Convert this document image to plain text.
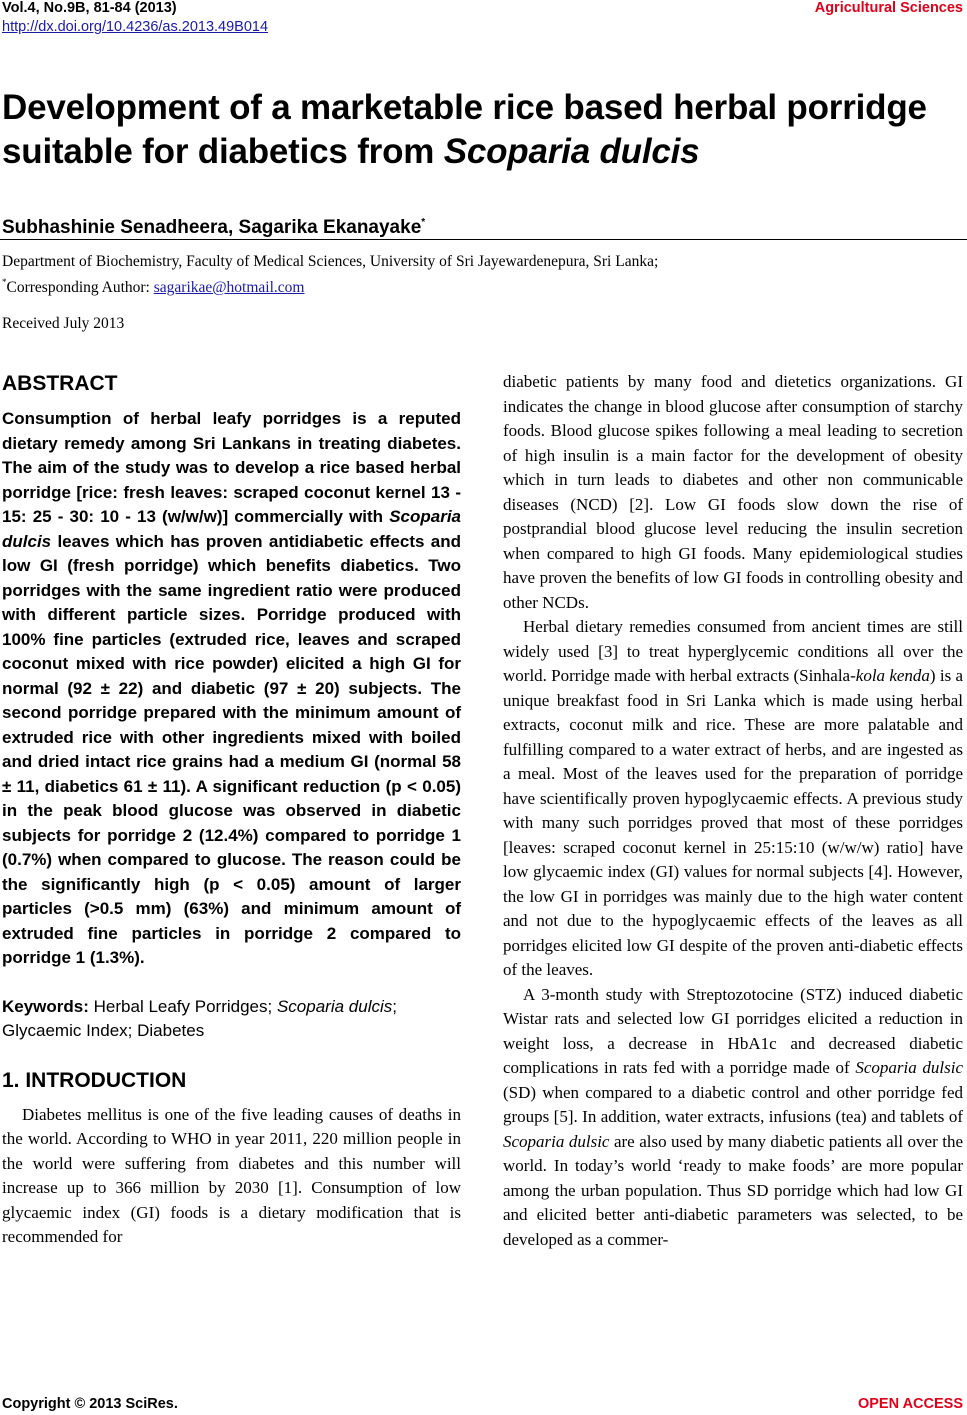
Vol.4, No.9B, 81-84 (2013)
http://dx.doi.org/10.4236/as.2013.49B014
Agricultural Sciences
Development of a marketable rice based herbal porridge suitable for diabetics from Scoparia dulcis
Subhashinie Senadheera, Sagarika Ekanayake*
Department of Biochemistry, Faculty of Medical Sciences, University of Sri Jayewardenepura, Sri Lanka;
*Corresponding Author: sagarikae@hotmail.com
Received July 2013
ABSTRACT

Consumption of herbal leafy porridges is a reputed dietary remedy among Sri Lankans in treating diabetes. The aim of the study was to develop a rice based herbal porridge [rice: fresh leaves: scraped coconut kernel 13 - 15: 25 - 30: 10 - 13 (w/w/w)] commercially with Scoparia dulcis leaves which has proven antidiabetic effects and low GI (fresh porridge) which benefits diabetics. Two porridges with the same ingredient ratio were produced with different particle sizes. Porridge produced with 100% fine particles (extruded rice, leaves and scraped coconut mixed with rice powder) elicited a high GI for normal (92 ± 22) and diabetic (97 ± 20) subjects. The second porridge prepared with the minimum amount of extruded rice with other ingredients mixed with boiled and dried intact rice grains had a medium GI (normal 58 ± 11, diabetics 61 ± 11). A significant reduction (p < 0.05) in the peak blood glucose was observed in diabetic subjects for porridge 2 (12.4%) compared to porridge 1 (0.7%) when compared to glucose. The reason could be the significantly high (p < 0.05) amount of larger particles (>0.5 mm) (63%) and minimum amount of extruded fine particles in porridge 2 compared to porridge 1 (1.3%).

Keywords: Herbal Leafy Porridges; Scoparia dulcis; Glycaemic Index; Diabetes

1. INTRODUCTION

Diabetes mellitus is one of the five leading causes of deaths in the world. According to WHO in year 2011, 220 million people in the world were suffering from diabetes and this number will increase up to 366 million by 2030 [1]. Consumption of low glycaemic index (GI) foods is a dietary modification that is recommended for

diabetic patients by many food and dietetics organizations. GI indicates the change in blood glucose after consumption of starchy foods. Blood glucose spikes following a meal leading to secretion of high insulin is a main factor for the development of obesity which in turn leads to diabetes and other non communicable diseases (NCD) [2]. Low GI foods slow down the rise of postprandial blood glucose level reducing the insulin secretion when compared to high GI foods. Many epidemiological studies have proven the benefits of low GI foods in controlling obesity and other NCDs.

Herbal dietary remedies consumed from ancient times are still widely used [3] to treat hyperglycemic conditions all over the world. Porridge made with herbal extracts (Sinhala-kola kenda) is a unique breakfast food in Sri Lanka which is made using herbal extracts, coconut milk and rice. These are more palatable and fulfilling compared to a water extract of herbs, and are ingested as a meal. Most of the leaves used for the preparation of porridge have scientifically proven hypoglycaemic effects. A previous study with many such porridges proved that most of these porridges [leaves: scraped coconut kernel in 25:15:10 (w/w/w) ratio] have low glycaemic index (GI) values for normal subjects [4]. However, the low GI in porridges was mainly due to the high water content and not due to the hypoglycaemic effects of the leaves as all porridges elicited low GI despite of the proven anti-diabetic effects of the leaves.

A 3-month study with Streptozotocine (STZ) induced diabetic Wistar rats and selected low GI porridges elicited a reduction in weight loss, a decrease in HbA1c and decreased diabetic complications in rats fed with a porridge made of Scoparia dulsic (SD) when compared to a diabetic control and other porridge fed groups [5]. In addition, water extracts, infusions (tea) and tablets of Scoparia dulsic are also used by many diabetic patients all over the world. In today’s world ‘ready to make foods’ are more popular among the urban population. Thus SD porridge which had low GI and elicited better anti-diabetic parameters was selected, to be developed as a commer-

Copyright © 2013 SciRes.	OPEN ACCESS
